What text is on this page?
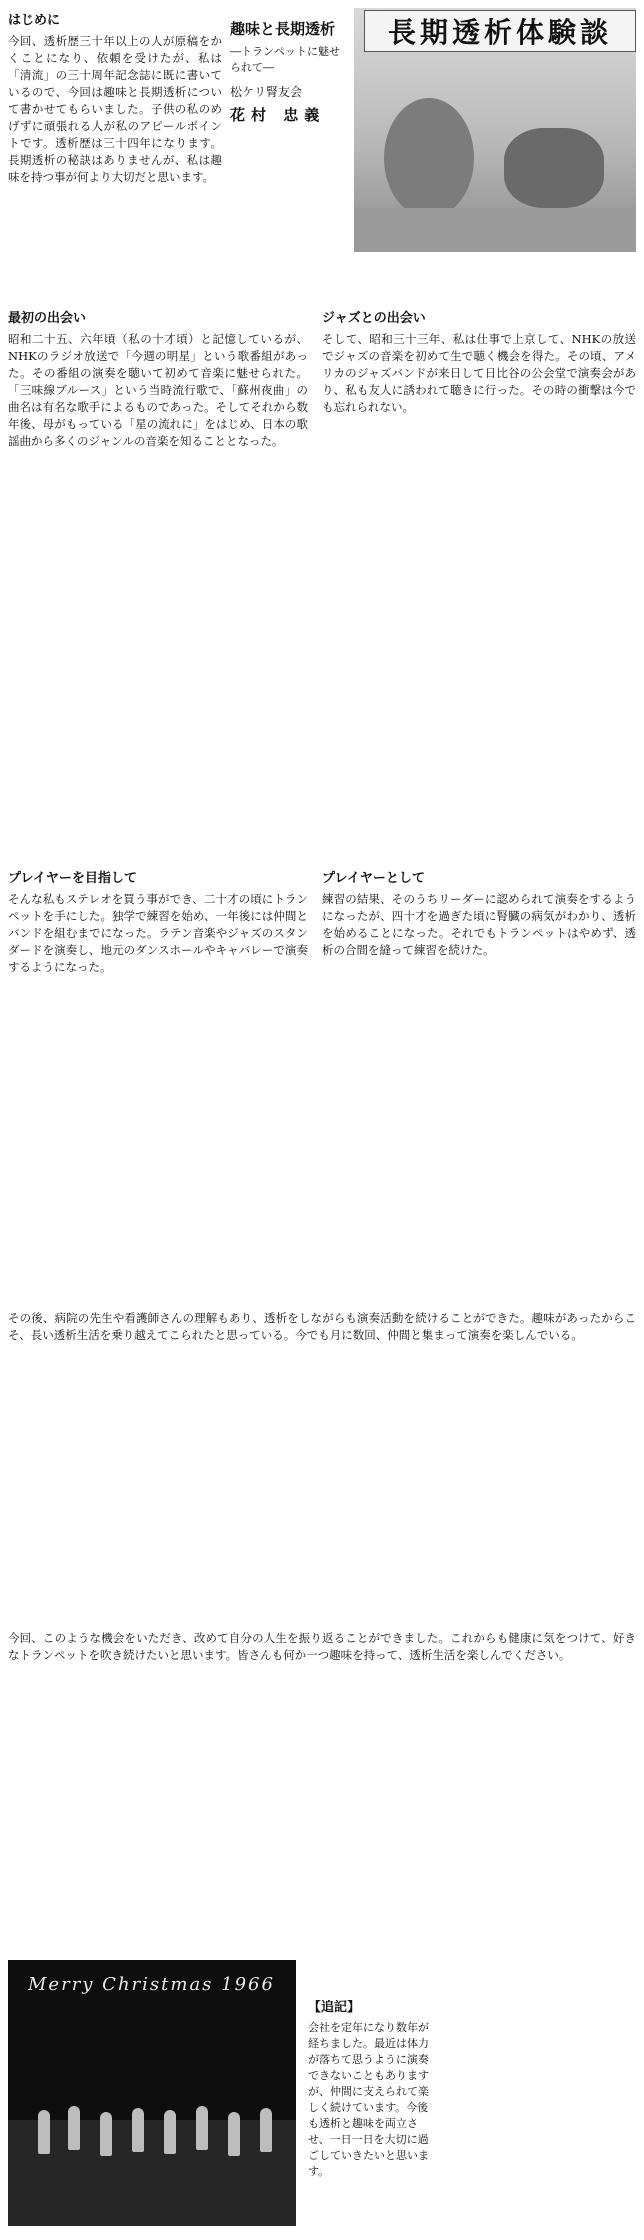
長期透析体験談
趣味と長期透析
―トランペットに魅せられて―
松ケリ腎友会
花村 忠義
はじめに
今回、透析歴三十年以上の人が原稿をかくことになり、依頼を受けたが、私は「清流」の三十周年記念誌に既に書いているので、今回は趣味と長期透析について書かせてもらいました。子供の私のめげずに頑張れる人が私のアピールポイントです。透析歴は三十四年になります。長期透析の秘訣はありませんが、私は趣味を持つ事が何より大切だと思います。
最初の出会い
昭和二十五、六年頃（私の十才頃）と記憶しているが、NHKのラジオ放送で「今週の明星」という歌番組があった。その番組の演奏を聴いて初めて音楽に魅せられた。「三味線ブルース」という当時流行歌で、「蘇州夜曲」の曲名は有名な歌手によるものであった。そしてそれから数年後、母がもっている「星の流れに」をはじめ、日本の歌謡曲から多くのジャンルの音楽を知ることとなった。
ジャズとの出会い
そして、昭和三十三年、私は仕事で上京して、NHKの放送でジャズの音楽を初めて生で聴く機会を得た。その頃、アメリカのジャズバンドが来日して日比谷の公会堂で演奏会があり、私も友人に誘われて聴きに行った。その時の衝撃は今でも忘れられない。
プレイヤーを目指して
そんな私もステレオを買う事ができ、二十才の頃にトランペットを手にした。独学で練習を始め、一年後には仲間とバンドを組むまでになった。ラテン音楽やジャズのスタンダードを演奏し、地元のダンスホールやキャバレーで演奏するようになった。
プレイヤーとして
練習の結果、そのうちリーダーに認められて演奏をするようになったが、四十才を過ぎた頃に腎臓の病気がわかり、透析を始めることになった。それでもトランペットはやめず、透析の合間を縫って練習を続けた。
その後、病院の先生や看護師さんの理解もあり、透析をしながらも演奏活動を続けることができた。趣味があったからこそ、長い透析生活を乗り越えてこられたと思っている。今でも月に数回、仲間と集まって演奏を楽しんでいる。
今回、このような機会をいただき、改めて自分の人生を振り返ることができました。これからも健康に気をつけて、好きなトランペットを吹き続けたいと思います。皆さんも何か一つ趣味を持って、透析生活を楽しんでください。
Merry Christmas 1966
【追記】
会社を定年になり数年が経ちました。最近は体力が落ちて思うように演奏できないこともありますが、仲間に支えられて楽しく続けています。今後も透析と趣味を両立させ、一日一日を大切に過ごしていきたいと思います。
